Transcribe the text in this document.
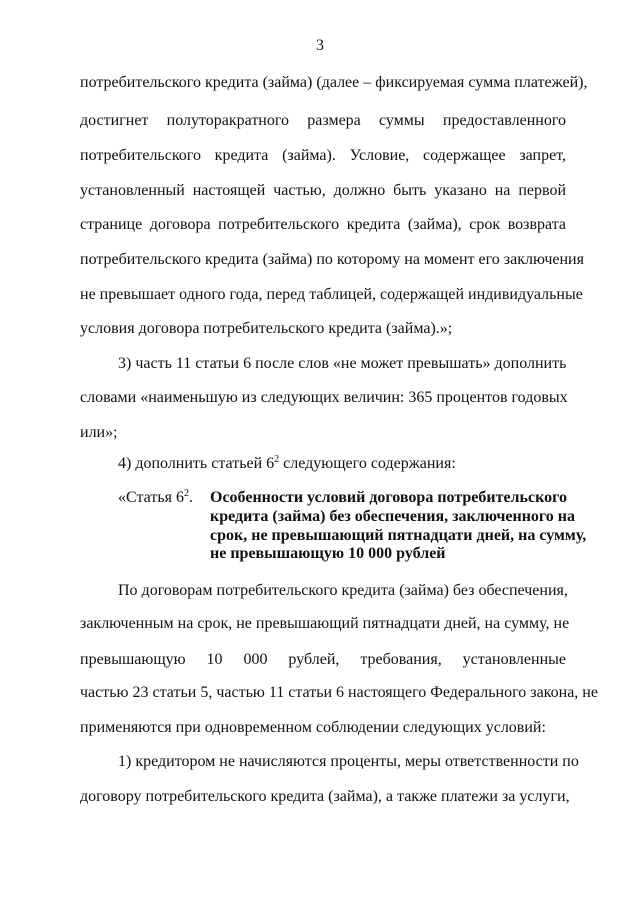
3
потребительского кредита (займа) (далее – фиксируемая сумма платежей),
достигнет полуторакратного размера суммы предоставленного
потребительского кредита (займа). Условие, содержащее запрет,
установленный настоящей частью, должно быть указано на первой
странице договора потребительского кредита (займа), срок возврата
потребительского кредита (займа) по которому на момент его заключения
не превышает одного года, перед таблицей, содержащей индивидуальные
условия договора потребительского кредита (займа).»;
3) часть 11 статьи 6 после слов «не может превышать» дополнить
словами «наименьшую из следующих величин: 365 процентов годовых
или»;
4) дополнить статьей $6^2$ следующего содержания:
«Статья $6^2$. Особенности условий договора потребительского
кредита (займа) без обеспечения, заключенного на
срок, не превышающий пятнадцати дней, на сумму,
не превышающую 10 000 рублей
По договорам потребительского кредита (займа) без обеспечения,
заключенным на срок, не превышающий пятнадцати дней, на сумму, не
превышающую 10 000 рублей, требования, установленные
частью 23 статьи 5, частью 11 статьи 6 настоящего Федерального закона, не
применяются при одновременном соблюдении следующих условий:
1) кредитором не начисляются проценты, меры ответственности по
договору потребительского кредита (займа), а также платежи за услуги,
